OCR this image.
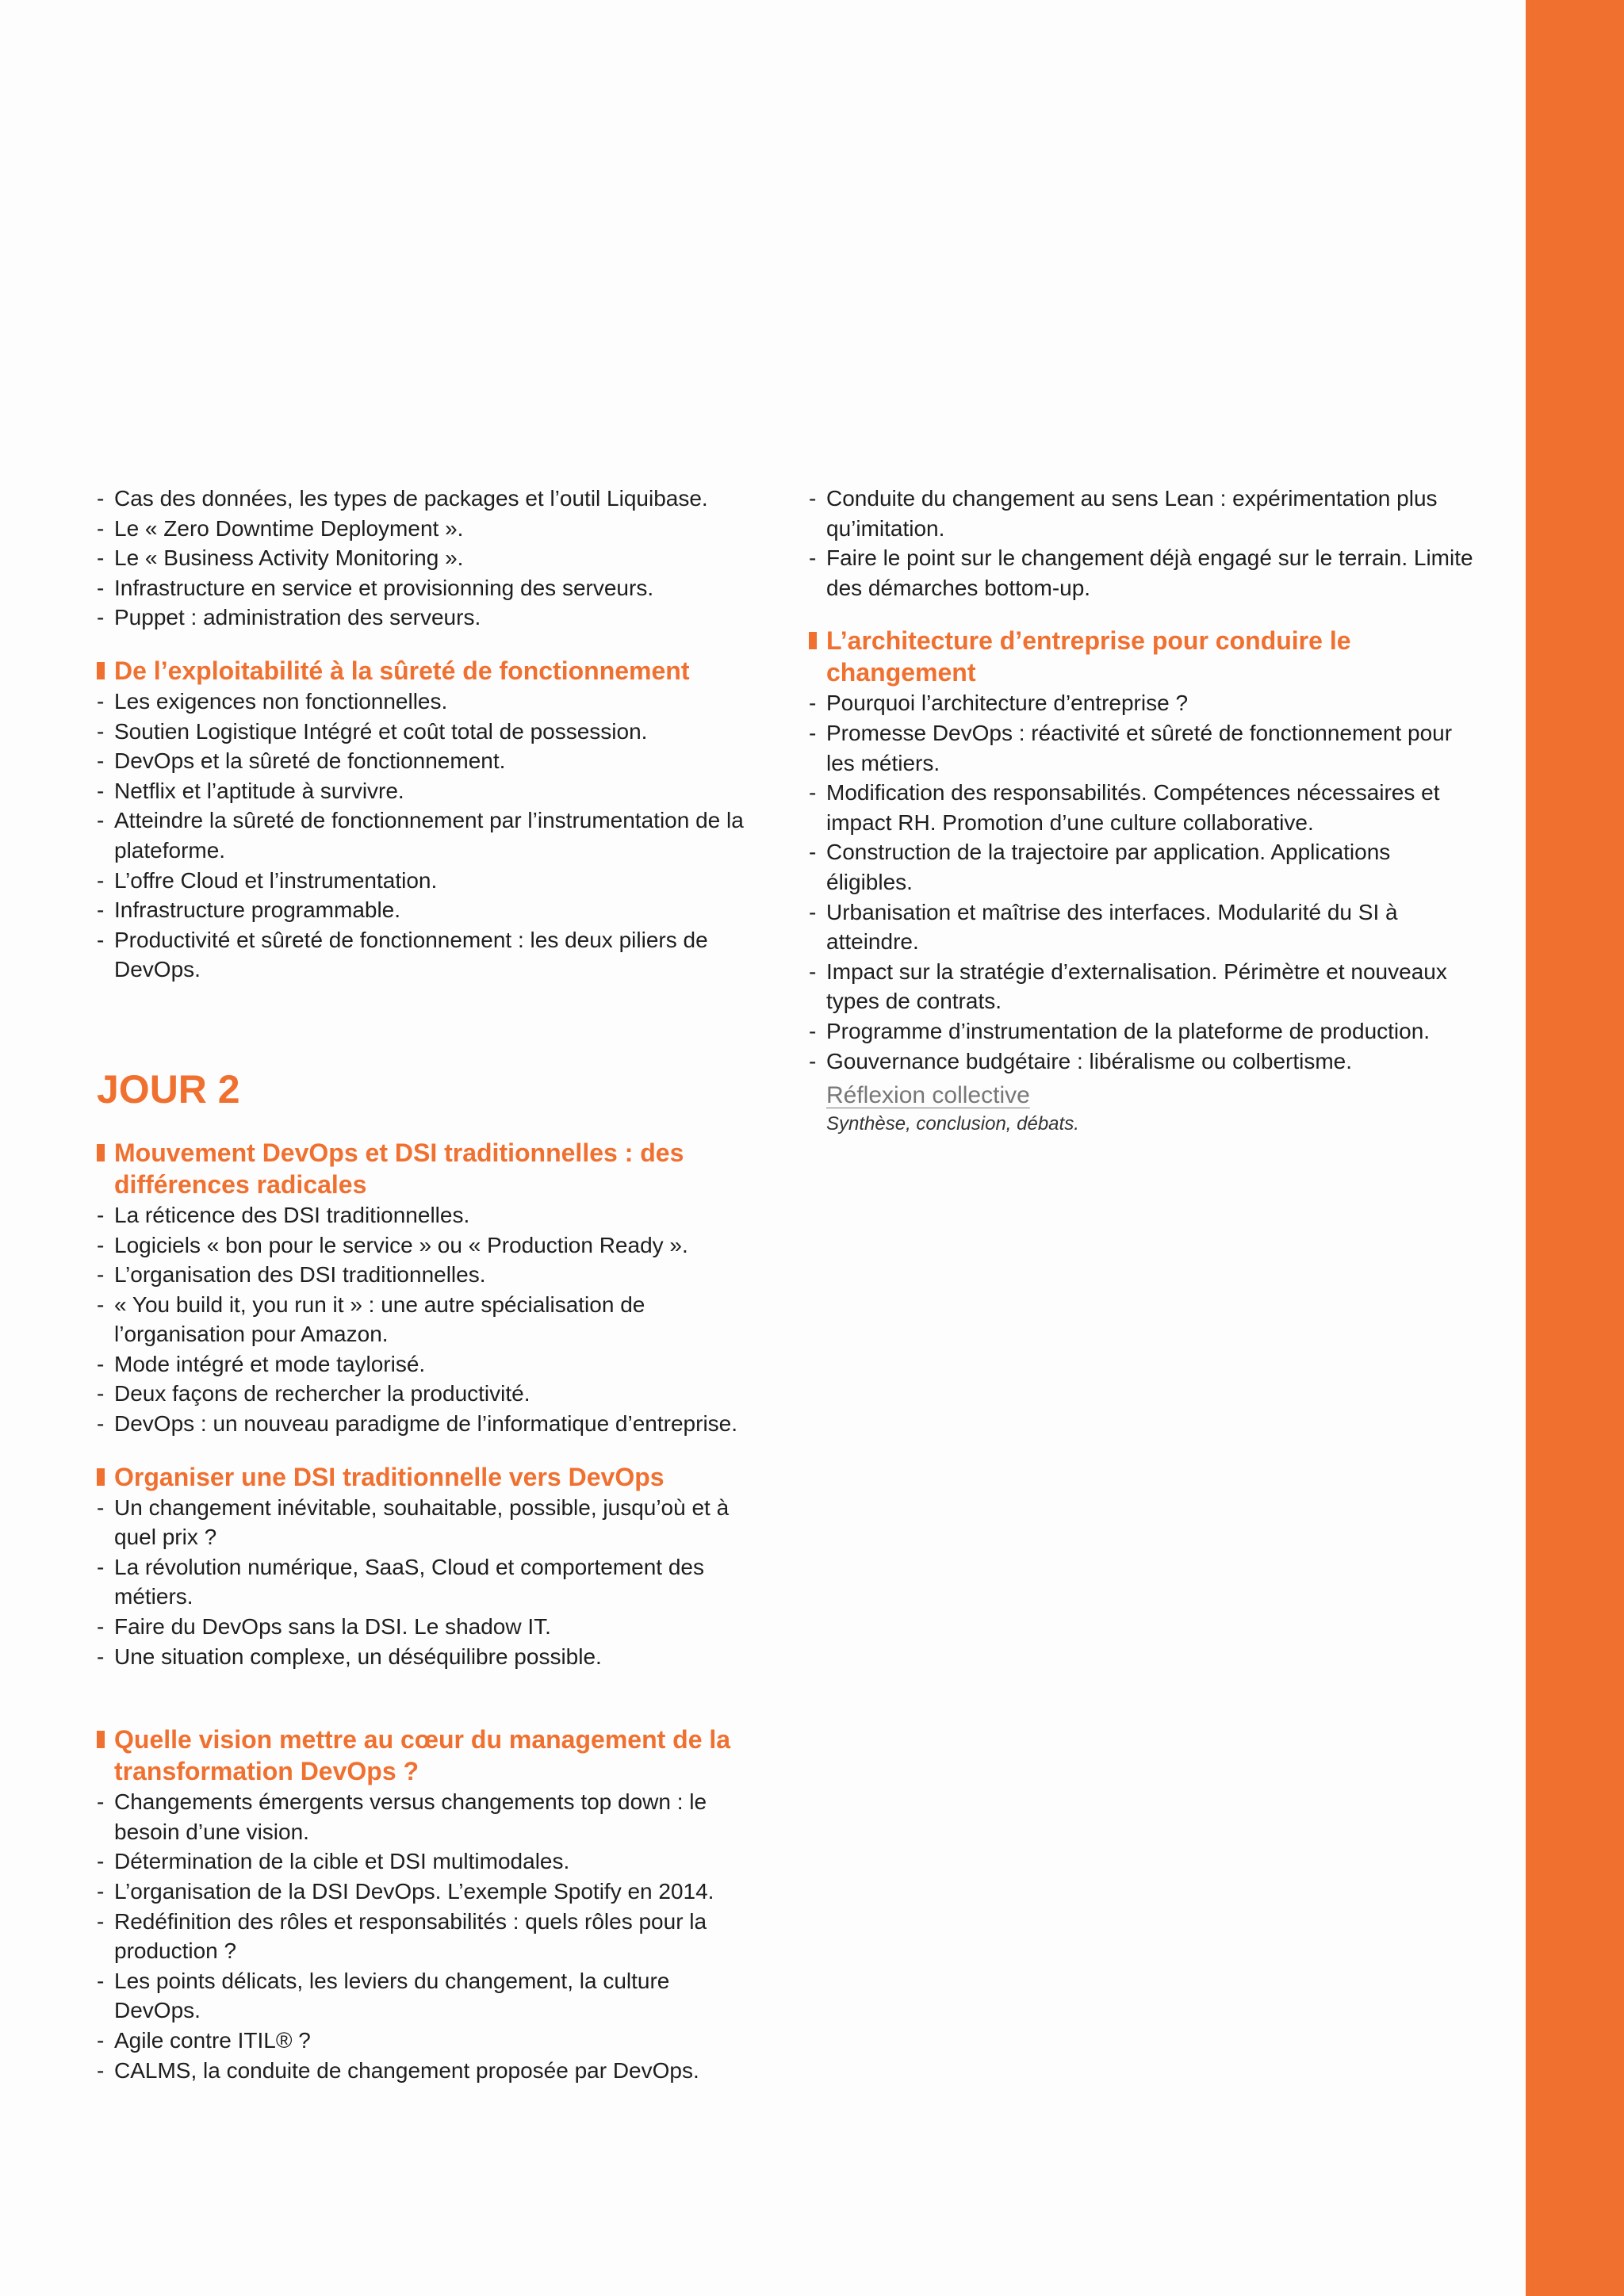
- Cas des données, les types de packages et l’outil Liquibase.
- Le « Zero Downtime Deployment ».
- Le « Business Activity Monitoring ».
- Infrastructure en service et provisionning des serveurs.
- Puppet : administration des serveurs.
De l’exploitabilité à la sûreté de fonctionnement
- Les exigences non fonctionnelles.
- Soutien Logistique Intégré et coût total de possession.
- DevOps et la sûreté de fonctionnement.
- Netflix et l’aptitude à survivre.
- Atteindre la sûreté de fonctionnement par l’instrumentation de la plateforme.
- L’offre Cloud et l’instrumentation.
- Infrastructure programmable.
- Productivité et sûreté de fonctionnement : les deux piliers de DevOps.
JOUR 2
Mouvement DevOps et DSI traditionnelles : des différences radicales
- La réticence des DSI traditionnelles.
- Logiciels « bon pour le service » ou « Production Ready ».
- L’organisation des DSI traditionnelles.
- « You build it, you run it » : une autre spécialisation de l’organisation pour Amazon.
- Mode intégré et mode taylorisé.
- Deux façons de rechercher la productivité.
- DevOps : un nouveau paradigme de l’informatique d’entreprise.
Organiser une DSI traditionnelle vers DevOps
- Un changement inévitable, souhaitable, possible, jusqu’où et à quel prix ?
- La révolution numérique, SaaS, Cloud et comportement des métiers.
- Faire du DevOps sans la DSI. Le shadow IT.
- Une situation complexe, un déséquilibre possible.
Quelle vision mettre au cœur du management de la transformation DevOps ?
- Changements émergents versus changements top down : le besoin d’une vision.
- Détermination de la cible et DSI multimodales.
- L’organisation de la DSI DevOps. L’exemple Spotify en 2014.
- Redéfinition des rôles et responsabilités : quels rôles pour la production ?
- Les points délicats, les leviers du changement, la culture DevOps.
- Agile contre ITIL® ?
- CALMS, la conduite de changement proposée par DevOps.
- Conduite du changement au sens Lean : expérimentation plus qu’imitation.
- Faire le point sur le changement déjà engagé sur le terrain. Limite des démarches bottom-up.
L’architecture d’entreprise pour conduire le changement
- Pourquoi l’architecture d’entreprise ?
- Promesse DevOps : réactivité et sûreté de fonctionnement pour les métiers.
- Modification des responsabilités. Compétences nécessaires et impact RH. Promotion d’une culture collaborative.
- Construction de la trajectoire par application. Applications éligibles.
- Urbanisation et maîtrise des interfaces. Modularité du SI à atteindre.
- Impact sur la stratégie d’externalisation. Périmètre et nouveaux types de contrats.
- Programme d’instrumentation de la plateforme de production.
- Gouvernance budgétaire : libéralisme ou colbertisme.
Réflexion collective
Synthèse, conclusion, débats.
